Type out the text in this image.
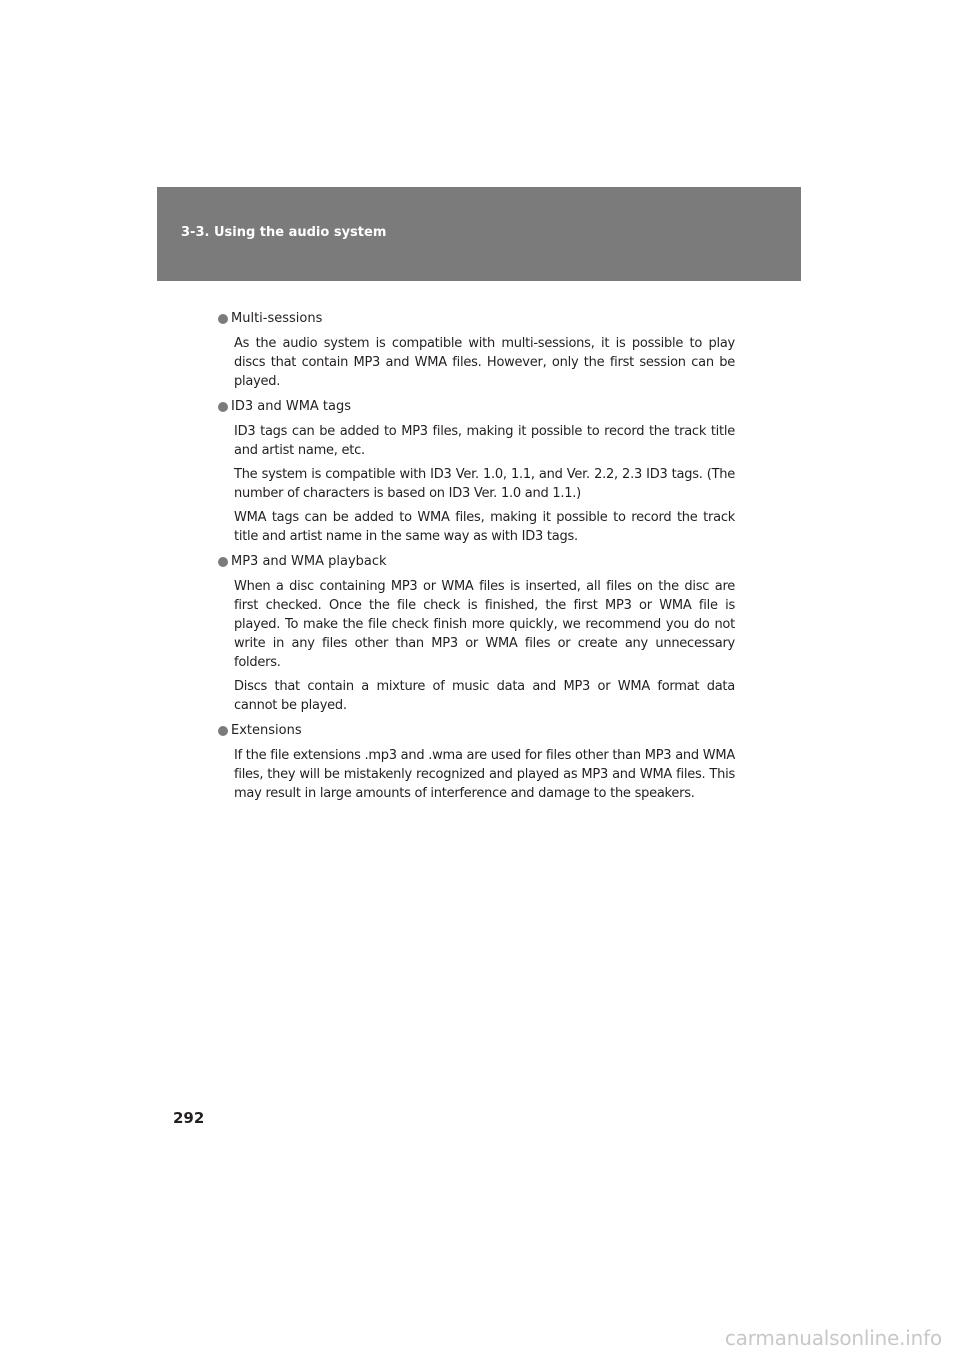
3-3. Using the audio system
Multi-sessions

As the audio system is compatible with multi-sessions, it is possible to play discs that contain MP3 and WMA files. However, only the first session can be played.

ID3 and WMA tags

ID3 tags can be added to MP3 files, making it possible to record the track title and artist name, etc.

The system is compatible with ID3 Ver. 1.0, 1.1, and Ver. 2.2, 2.3 ID3 tags. (The number of characters is based on ID3 Ver. 1.0 and 1.1.)

WMA tags can be added to WMA files, making it possible to record the track title and artist name in the same way as with ID3 tags.

MP3 and WMA playback

When a disc containing MP3 or WMA files is inserted, all files on the disc are first checked. Once the file check is finished, the first MP3 or WMA file is played. To make the file check finish more quickly, we recommend you do not write in any files other than MP3 or WMA files or create any unnecessary folders.

Discs that contain a mixture of music data and MP3 or WMA format data cannot be played.

Extensions

If the file extensions .mp3 and .wma are used for files other than MP3 and WMA files, they will be mistakenly recognized and played as MP3 and WMA files. This may result in large amounts of interference and damage to the speakers.

292
carmanualsonline.info
